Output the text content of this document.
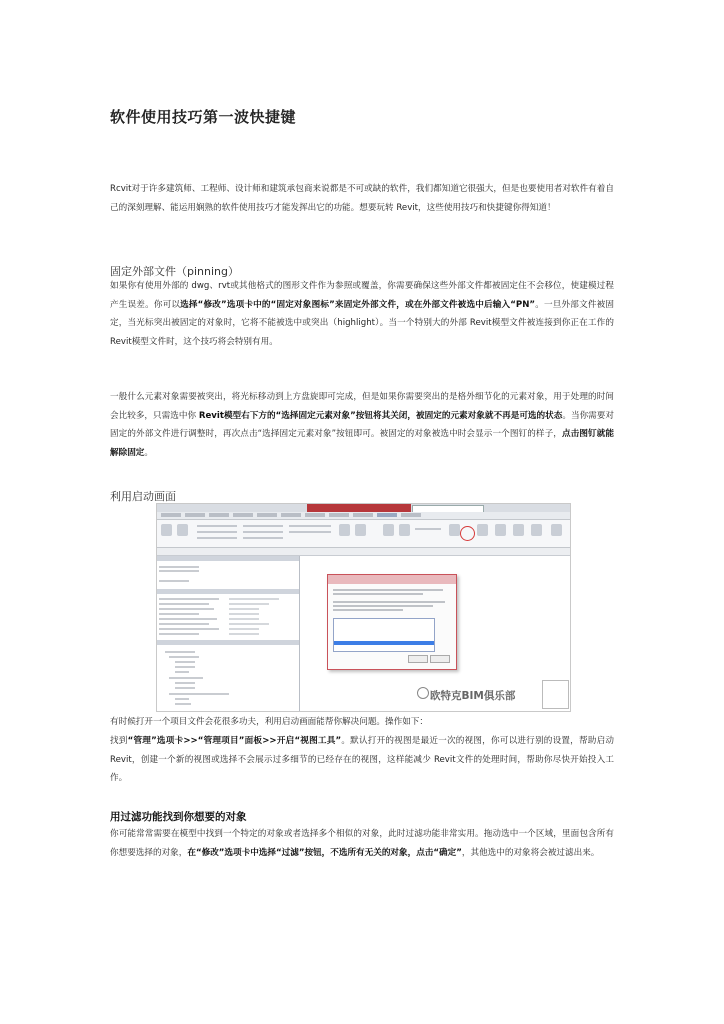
软件使用技巧第一波快捷键

Rcvit对于许多建筑师、工程师、设计师和建筑承包商来说都是不可或缺的软件，我们都知道它很强大，但是也要使用者对软件有着自己的深刻理解、能运用娴熟的软件使用技巧才能发挥出它的功能。想要玩转 Revit，这些使用技巧和快捷键你得知道！

固定外部文件（pinning）

如果你有使用外部的 dwg、rvt或其他格式的图形文件作为参照或覆盖，你需要确保这些外部文件都被固定住不会移位，使建模过程产生误差。你可以选择“修改”选项卡中的“固定对象图标”来固定外部文件，或在外部文件被选中后输入“PN”。一旦外部文件被固定，当光标突出被固定的对象时，它将不能被选中或突出（highlight）。当一个特别大的外部 Revit模型文件被连接到你正在工作的 Revit模型文件时，这个技巧将会特别有用。

一般什么元素对象需要被突出，将光标移动到上方盘旋即可完成，但是如果你需要突出的是格外细节化的元素对象，用于处理的时间会比较多，只需选中你 Revit模型右下方的“选择固定元素对象”按钮将其关闭，被固定的元素对象就不再是可选的状态。当你需要对固定的外部文件进行调整时，再次点击“选择固定元素对象”按钮即可。被固定的对象被选中时会显示一个图钉的样子，点击图钉就能解除固定。

利用启动画面
欧特克BIM俱乐部

有时候打开一个项目文件会花很多功夫，利用启动画面能帮你解决问题。操作如下：

找到“管理”选项卡>>“管理项目”面板>>开启“视图工具”。默认打开的视图是最近一次的视图，你可以进行别的设置，帮助启动 Revit，创建一个新的视图或选择不会展示过多细节的已经存在的视图，这样能减少 Revit文件的处理时间，帮助你尽快开始投入工作。

用过滤功能找到你想要的对象

你可能常常需要在模型中找到一个特定的对象或者选择多个相似的对象，此时过滤功能非常实用。拖动选中一个区域，里面包含所有你想要选择的对象，在“修改”选项卡中选择“过滤”按钮，不选所有无关的对象，点击“确定”，其他选中的对象将会被过滤出来。
